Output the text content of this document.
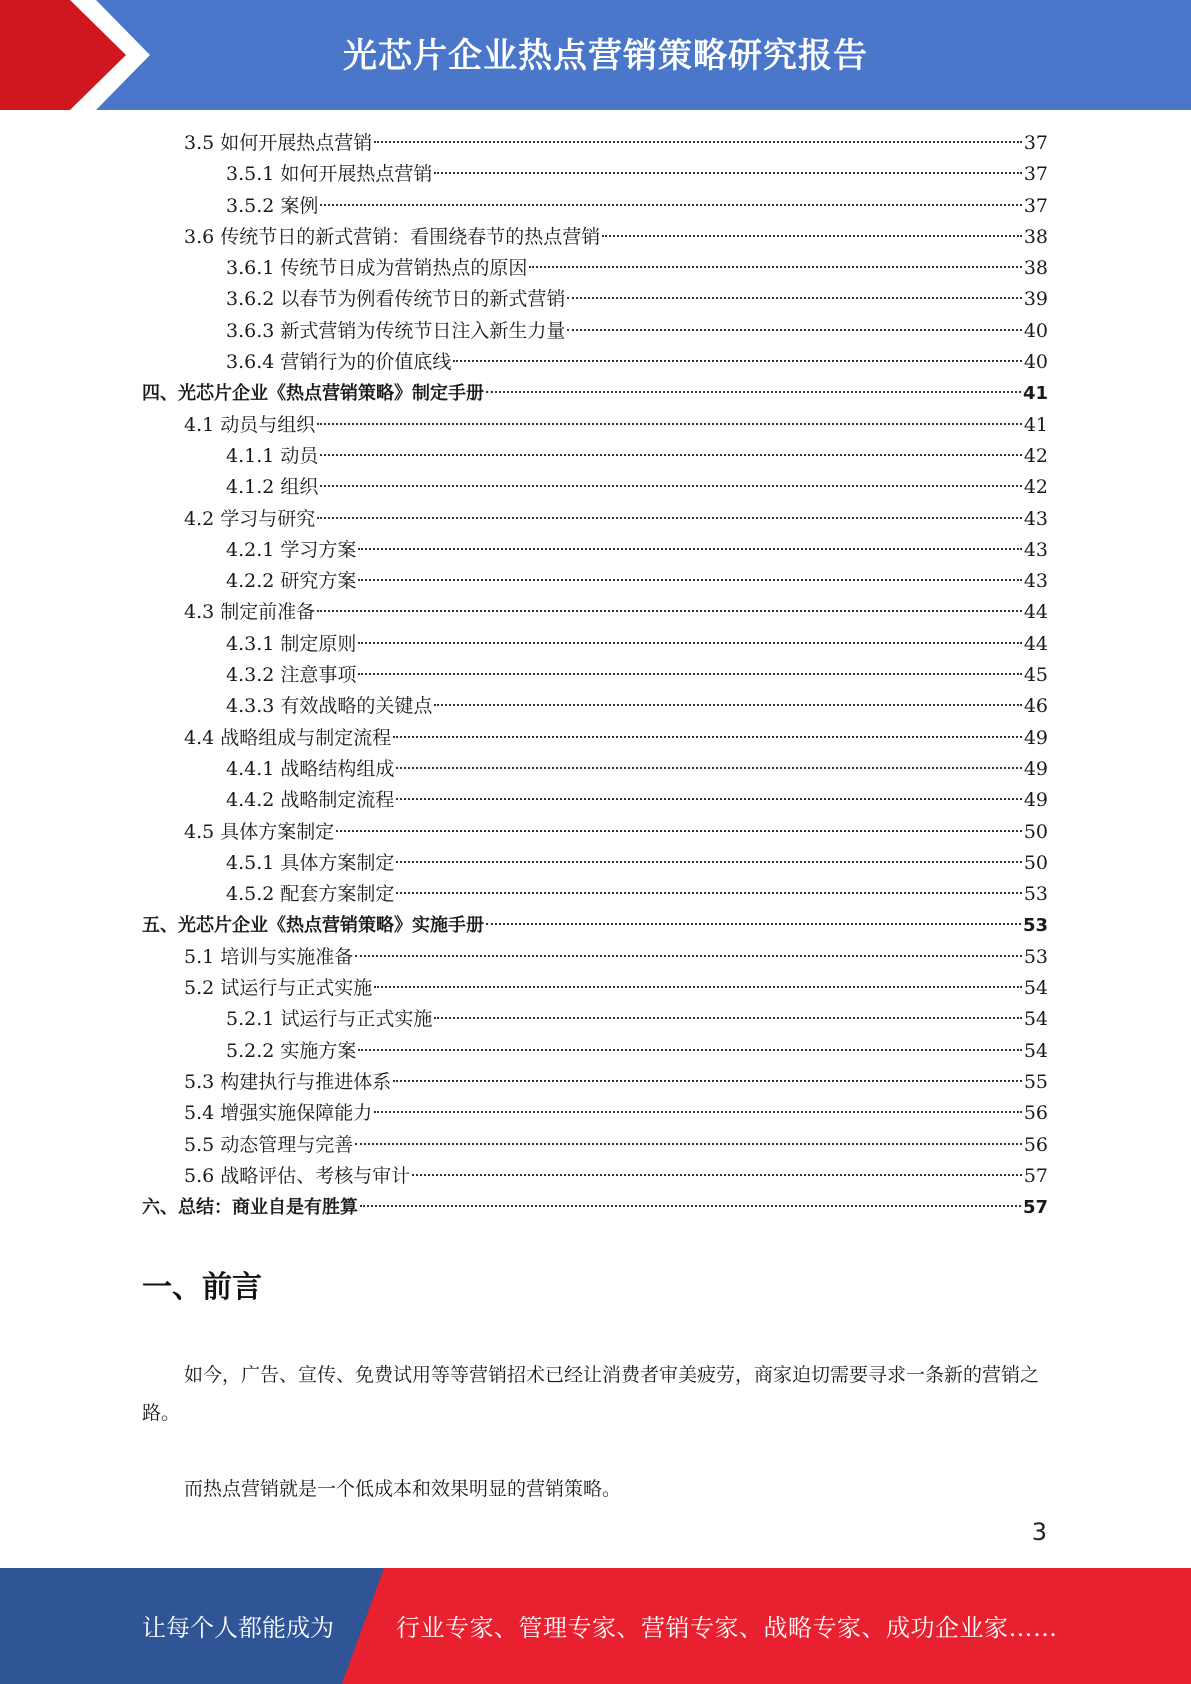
光芯片企业热点营销策略研究报告
3.5 如何开展热点营销	37
3.5.1 如何开展热点营销	37
3.5.2 案例	37
3.6 传统节日的新式营销：看围绕春节的热点营销	38
3.6.1 传统节日成为营销热点的原因	38
3.6.2 以春节为例看传统节日的新式营销	39
3.6.3 新式营销为传统节日注入新生力量	40
3.6.4 营销行为的价值底线	40
四、光芯片企业《热点营销策略》制定手册	41
4.1 动员与组织	41
4.1.1 动员	42
4.1.2 组织	42
4.2 学习与研究	43
4.2.1 学习方案	43
4.2.2 研究方案	43
4.3 制定前准备	44
4.3.1 制定原则	44
4.3.2 注意事项	45
4.3.3 有效战略的关键点	46
4.4 战略组成与制定流程	49
4.4.1 战略结构组成	49
4.4.2 战略制定流程	49
4.5 具体方案制定	50
4.5.1 具体方案制定	50
4.5.2 配套方案制定	53
五、光芯片企业《热点营销策略》实施手册	53
5.1 培训与实施准备	53
5.2 试运行与正式实施	54
5.2.1 试运行与正式实施	54
5.2.2 实施方案	54
5.3 构建执行与推进体系	55
5.4 增强实施保障能力	56
5.5 动态管理与完善	56
5.6 战略评估、考核与审计	57
六、总结：商业自是有胜算	57
一、前言
如今，广告、宣传、免费试用等等营销招术已经让消费者审美疲劳，商家迫切需要寻求一条新的营销之路。
而热点营销就是一个低成本和效果明显的营销策略。
3
让每个人都能成为	行业专家、管理专家、营销专家、战略专家、成功企业家……
